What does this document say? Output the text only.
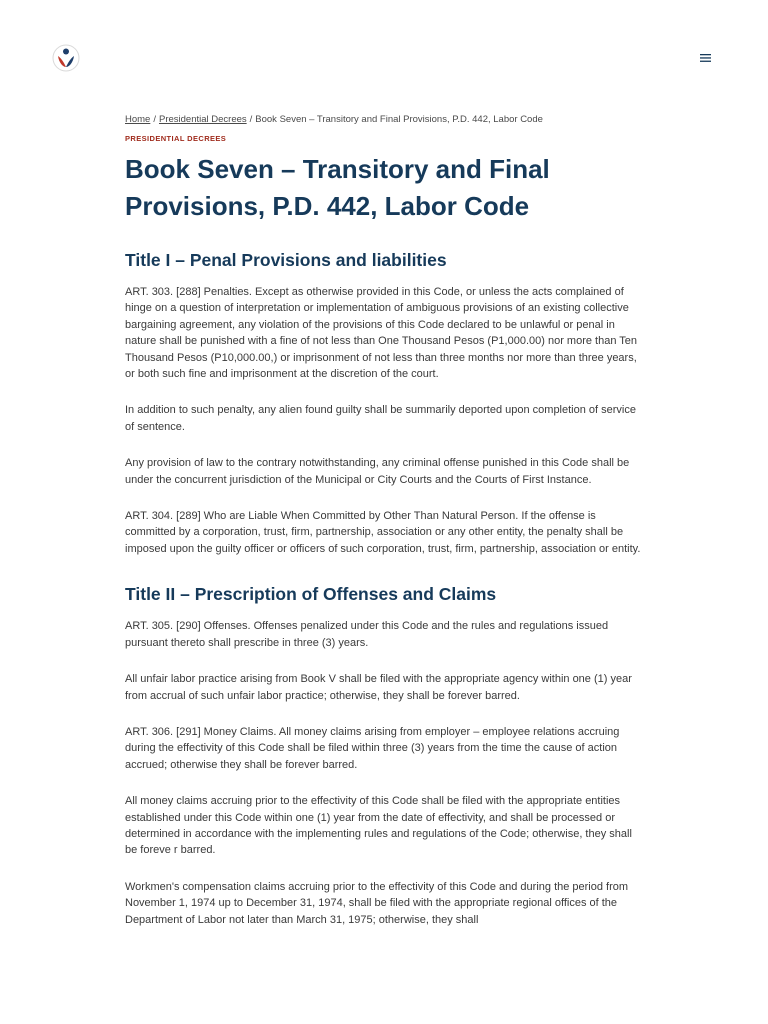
Home / Presidential Decrees / Book Seven – Transitory and Final Provisions, P.D. 442, Labor Code
PRESIDENTIAL DECREES
Book Seven – Transitory and Final Provisions, P.D. 442, Labor Code
Title I – Penal Provisions and liabilities

ART. 303. [288] Penalties. Except as otherwise provided in this Code, or unless the acts complained of hinge on a question of interpretation or implementation of ambiguous provisions of an existing collective bargaining agreement, any violation of the provisions of this Code declared to be unlawful or penal in nature shall be punished with a fine of not less than One Thousand Pesos (P1,000.00) nor more than Ten Thousand Pesos (P10,000.00,) or imprisonment of not less than three months nor more than three years, or both such fine and imprisonment at the discretion of the court.

In addition to such penalty, any alien found guilty shall be summarily deported upon completion of service of sentence.

Any provision of law to the contrary notwithstanding, any criminal offense punished in this Code shall be under the concurrent jurisdiction of the Municipal or City Courts and the Courts of First Instance.

ART. 304. [289] Who are Liable When Committed by Other Than Natural Person. If the offense is committed by a corporation, trust, firm, partnership, association or any other entity, the penalty shall be imposed upon the guilty officer or officers of such corporation, trust, firm, partnership, association or entity.

Title II – Prescription of Offenses and Claims

ART. 305. [290] Offenses. Offenses penalized under this Code and the rules and regulations issued pursuant thereto shall prescribe in three (3) years.

All unfair labor practice arising from Book V shall be filed with the appropriate agency within one (1) year from accrual of such unfair labor practice; otherwise, they shall be forever barred.

ART. 306. [291] Money Claims. All money claims arising from employer – employee relations accruing during the effectivity of this Code shall be filed within three (3) years from the time the cause of action accrued; otherwise they shall be forever barred.

All money claims accruing prior to the effectivity of this Code shall be filed with the appropriate entities established under this Code within one (1) year from the date of effectivity, and shall be processed or determined in accordance with the implementing rules and regulations of the Code; otherwise, they shall be foreve r barred.

Workmen's compensation claims accruing prior to the effectivity of this Code and during the period from November 1, 1974 up to December 31, 1974, shall be filed with the appropriate regional offices of the Department of Labor not later than March 31, 1975; otherwise, they shall
